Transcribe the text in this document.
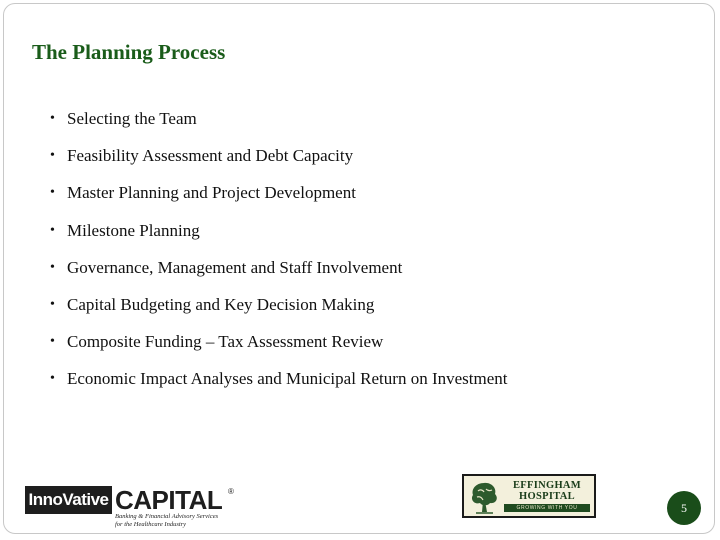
The Planning Process
• Selecting the Team
• Feasibility Assessment and Debt Capacity
• Master Planning and Project Development
• Milestone Planning
• Governance, Management and Staff Involvement
• Capital Budgeting and Key Decision Making
• Composite Funding – Tax Assessment Review
• Economic Impact Analyses and Municipal Return on Investment
InnoVative CAPITAL ®
Banking & Financial Advisory Services
for the Healthcare Industry
EFFINGHAM
HOSPITAL
GROWING WITH YOU	5
